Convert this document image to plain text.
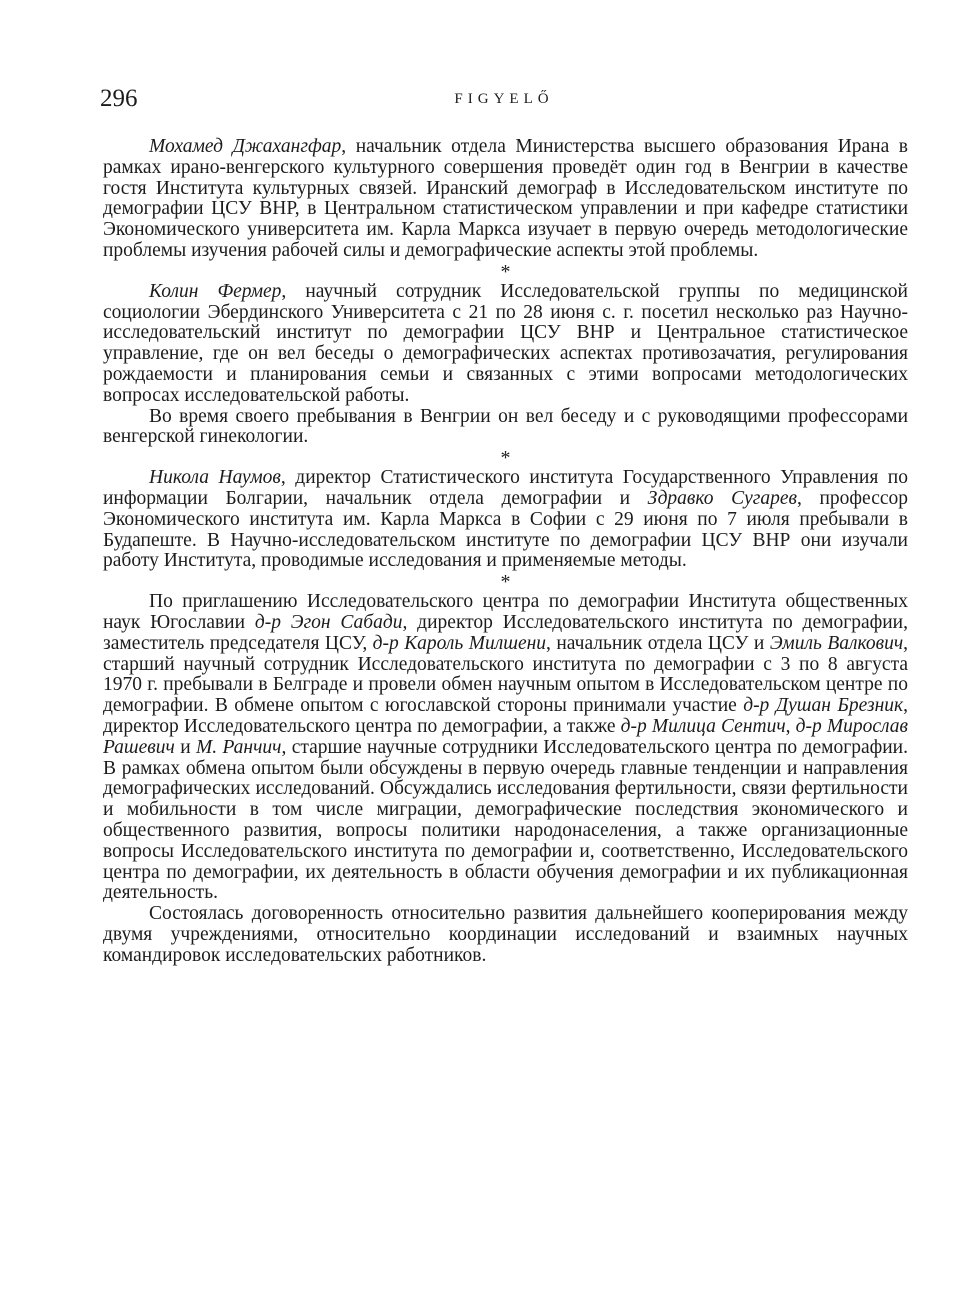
296	FIGYELŐ

Мохамед Джахангфар, начальник отдела Министерства высшего образования Ирана в рамках ирано-венгерского культурного совершения проведёт один год в Венгрии в качестве гостя Института культурных связей. Иранский демограф в Исследовательском институте по демографии ЦСУ ВНР, в Центральном статистическом управлении и при кафедре статистики Экономического университета им. Карла Маркса изучает в первую очередь методологические проблемы изучения рабочей силы и демографические аспекты этой проблемы.

*

Колин Фермер, научный сотрудник Исследовательской группы по медицинской социологии Эбердинского Университета с 21 по 28 июня с. г. посетил несколько раз Научно-исследовательский институт по демографии ЦСУ ВНР и Центральное статистическое управление, где он вел беседы о демографических аспектах противозачатия, регулирования рождаемости и планирования семьи и связанных с этими вопросами методологических вопросах исследовательской работы.

Во время своего пребывания в Венгрии он вел беседу и с руководящими профессорами венгерской гинекологии.

*

Никола Наумов, директор Статистического института Государственного Управления по информации Болгарии, начальник отдела демографии и Здравко Сугарев, профессор Экономического института им. Карла Маркса в Софии с 29 июня по 7 июля пребывали в Будапеште. В Научно-исследовательском институте по демографии ЦСУ ВНР они изучали работу Института, проводимые исследования и применяемые методы.

*

По приглашению Исследовательского центра по демографии Института общественных наук Югославии д-р Эгон Сабади, директор Исследовательского института по демографии, заместитель председателя ЦСУ, д-р Кароль Милшени, начальник отдела ЦСУ и Эмиль Валкович, старший научный сотрудник Исследовательского института по демографии с 3 по 8 августа 1970 г. пребывали в Белграде и провели обмен научным опытом в Исследовательском центре по демографии. В обмене опытом с югославской стороны принимали участие д-р Душан Брезник, директор Исследовательского центра по демографии, а также д-р Милица Сентич, д-р Мирослав Рашевич и М. Ранчич, старшие научные сотрудники Исследовательского центра по демографии. В рамках обмена опытом были обсуждены в первую очередь главные тенденции и направления демографических исследований. Обсуждались исследования фертильности, связи фертильности и мобильности в том числе миграции, демографические последствия экономического и общественного развития, вопросы политики народонаселения, а также организационные вопросы Исследовательского института по демографии и, соответственно, Исследовательского центра по демографии, их деятельность в области обучения демографии и их публикационная деятельность.

Состоялась договоренность относительно развития дальнейшего кооперирования между двумя учреждениями, относительно координации исследований и взаимных научных командировок исследовательских работников.
